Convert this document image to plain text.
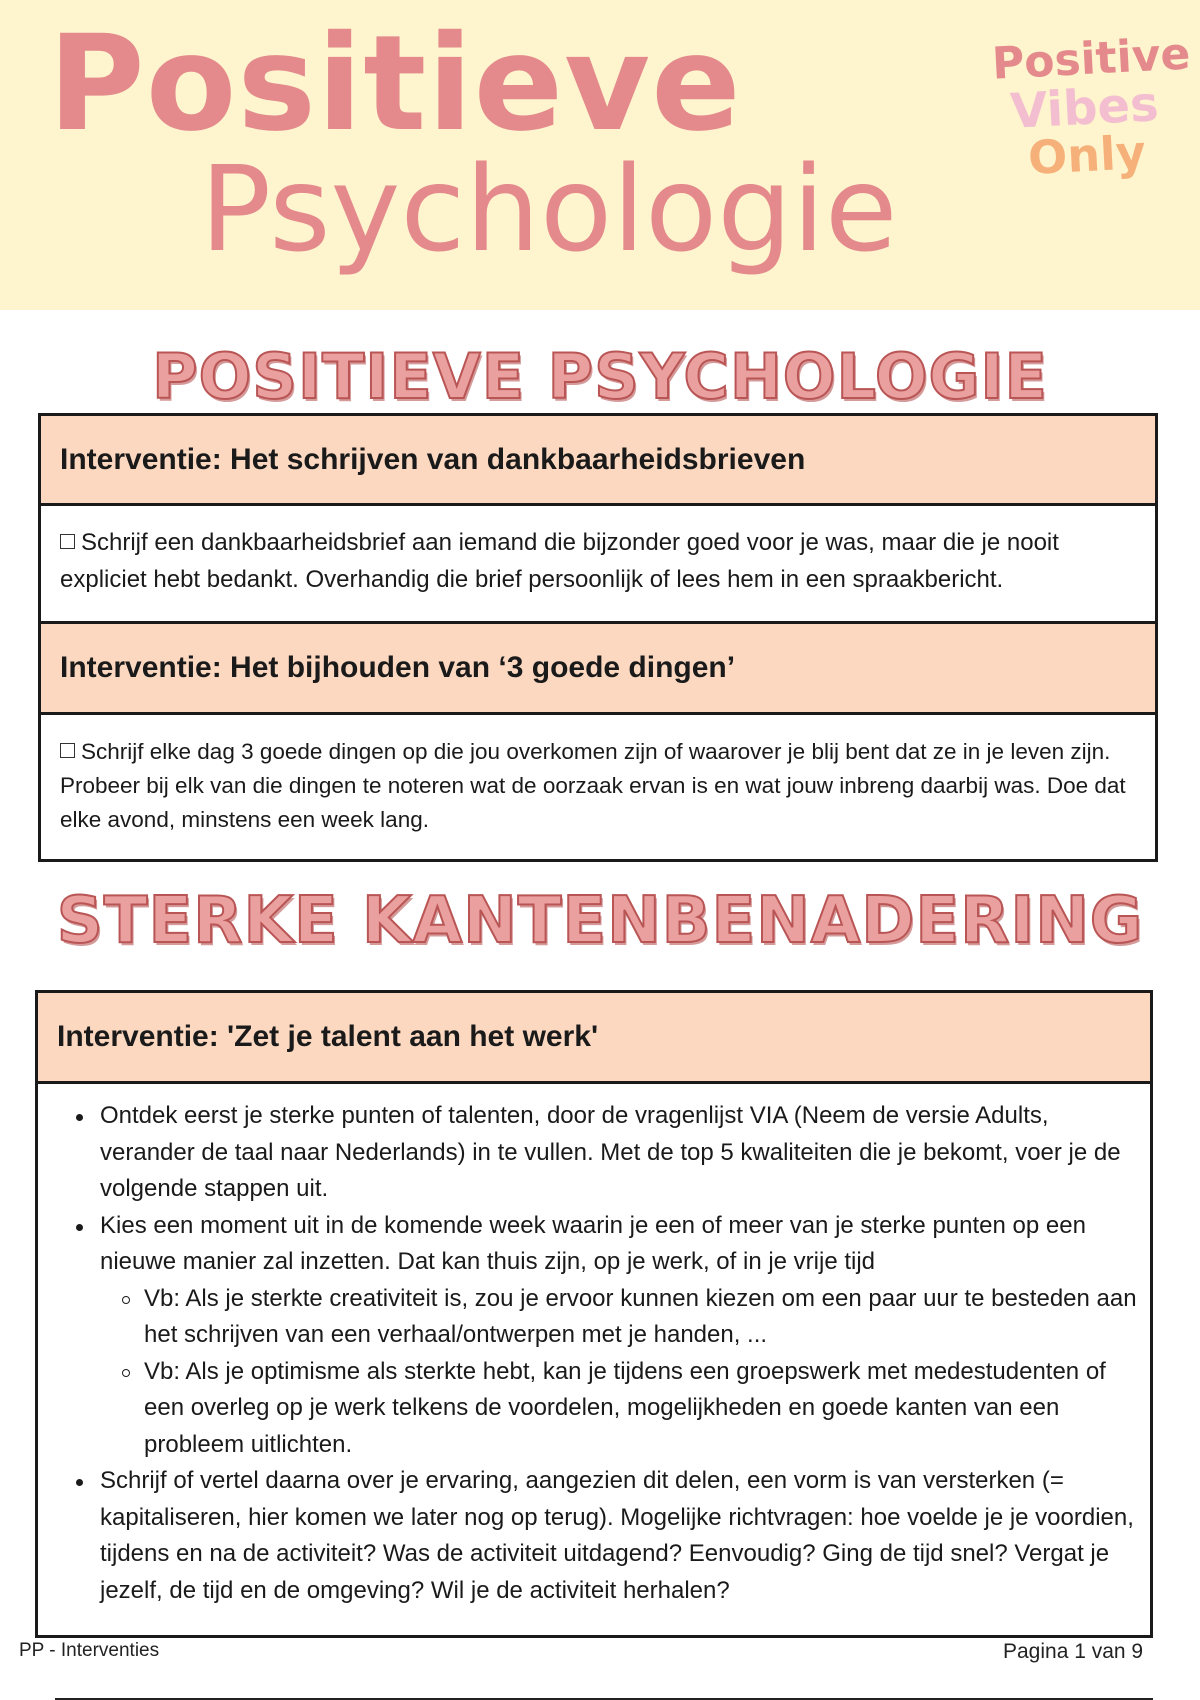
Positieve
Psychologie
Positive
Vibes
Only
POSITIEVE PSYCHOLOGIE
Interventie: Het schrijven van dankbaarheidsbrieven
Schrijf een dankbaarheidsbrief aan iemand die bijzonder goed voor je was, maar die je nooit expliciet hebt bedankt. Overhandig die brief persoonlijk of lees hem in een spraakbericht.
Interventie: Het bijhouden van ‘3 goede dingen’
Schrijf elke dag 3 goede dingen op die jou overkomen zijn of waarover je blij bent dat ze in je leven zijn. Probeer bij elk van die dingen te noteren wat de oorzaak ervan is en wat jouw inbreng daarbij was. Doe dat elke avond, minstens een week lang.
STERKE KANTENBENADERING
Interventie: 'Zet je talent aan het werk'
Ontdek eerst je sterke punten of talenten, door de vragenlijst VIA (Neem de versie Adults, verander de taal naar Nederlands) in te vullen. Met de top 5 kwaliteiten die je bekomt, voer je de volgende stappen uit.
Kies een moment uit in de komende week waarin je een of meer van je sterke punten op een nieuwe manier zal inzetten. Dat kan thuis zijn, op je werk, of in je vrije tijd
Vb: Als je sterkte creativiteit is, zou je ervoor kunnen kiezen om een paar uur te besteden aan het schrijven van een verhaal/ontwerpen met je handen, ...
Vb: Als je optimisme als sterkte hebt, kan je tijdens een groepswerk met medestudenten of een overleg op je werk telkens de voordelen, mogelijkheden en goede kanten van een probleem uitlichten.
Schrijf of vertel daarna over je ervaring, aangezien dit delen, een vorm is van versterken (= kapitaliseren, hier komen we later nog op terug). Mogelijke richtvragen: hoe voelde je je voordien, tijdens en na de activiteit? Was de activiteit uitdagend? Eenvoudig? Ging de tijd snel? Vergat je jezelf, de tijd en de omgeving? Wil je de activiteit herhalen?
PP - Interventies	Pagina 1 van 9
